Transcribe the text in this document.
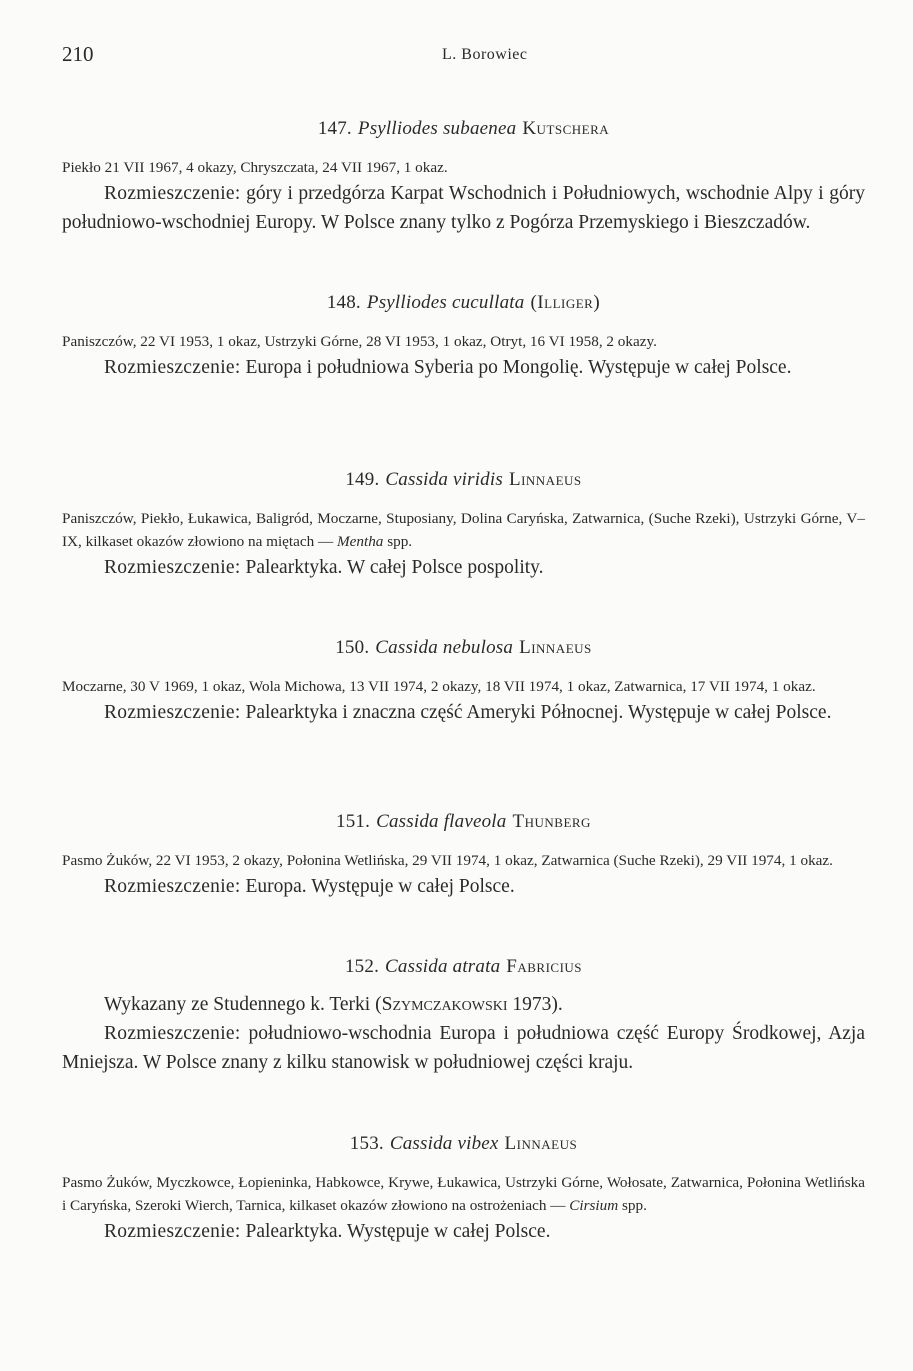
210	L. Borowiec
147. Psylliodes subaenea Kutschera
Piekło 21 VII 1967, 4 okazy, Chryszczata, 24 VII 1967, 1 okaz.
Rozmieszczenie: góry i przedgórza Karpat Wschodnich i Południowych, wschodnie Alpy i góry południowo-wschodniej Europy. W Polsce znany tylko z Pogórza Przemyskiego i Bieszczadów.
148. Psylliodes cucullata (Illiger)
Paniszczów, 22 VI 1953, 1 okaz, Ustrzyki Górne, 28 VI 1953, 1 okaz, Otryt, 16 VI 1958, 2 okazy.
Rozmieszczenie: Europa i południowa Syberia po Mongolię. Występuje w całej Polsce.
149. Cassida viridis Linnaeus
Paniszczów, Piekło, Łukawica, Baligród, Moczarne, Stuposiany, Dolina Caryńska, Zatwarnica, (Suche Rzeki), Ustrzyki Górne, V–IX, kilkaset okazów złowiono na miętach — Mentha spp.
Rozmieszczenie: Palearktyka. W całej Polsce pospolity.
150. Cassida nebulosa Linnaeus
Moczarne, 30 V 1969, 1 okaz, Wola Michowa, 13 VII 1974, 2 okazy, 18 VII 1974, 1 okaz, Zatwarnica, 17 VII 1974, 1 okaz.
Rozmieszczenie: Palearktyka i znaczna część Ameryki Północnej. Występuje w całej Polsce.
151. Cassida flaveola Thunberg
Pasmo Żuków, 22 VI 1953, 2 okazy, Połonina Wetlińska, 29 VII 1974, 1 okaz, Zatwarnica (Suche Rzeki), 29 VII 1974, 1 okaz.
Rozmieszczenie: Europa. Występuje w całej Polsce.
152. Cassida atrata Fabricius
Wykazany ze Studennego k. Terki (Szymczakowski 1973).
Rozmieszczenie: południowo-wschodnia Europa i południowa część Europy Środkowej, Azja Mniejsza. W Polsce znany z kilku stanowisk w południowej części kraju.
153. Cassida vibex Linnaeus
Pasmo Żuków, Myczkowce, Łopieninka, Habkowce, Krywe, Łukawica, Ustrzyki Górne, Wołosate, Zatwarnica, Połonina Wetlińska i Caryńska, Szeroki Wierch, Tarnica, kilkaset okazów złowiono na ostrożeniach — Cirsium spp.
Rozmieszczenie: Palearktyka. Występuje w całej Polsce.
